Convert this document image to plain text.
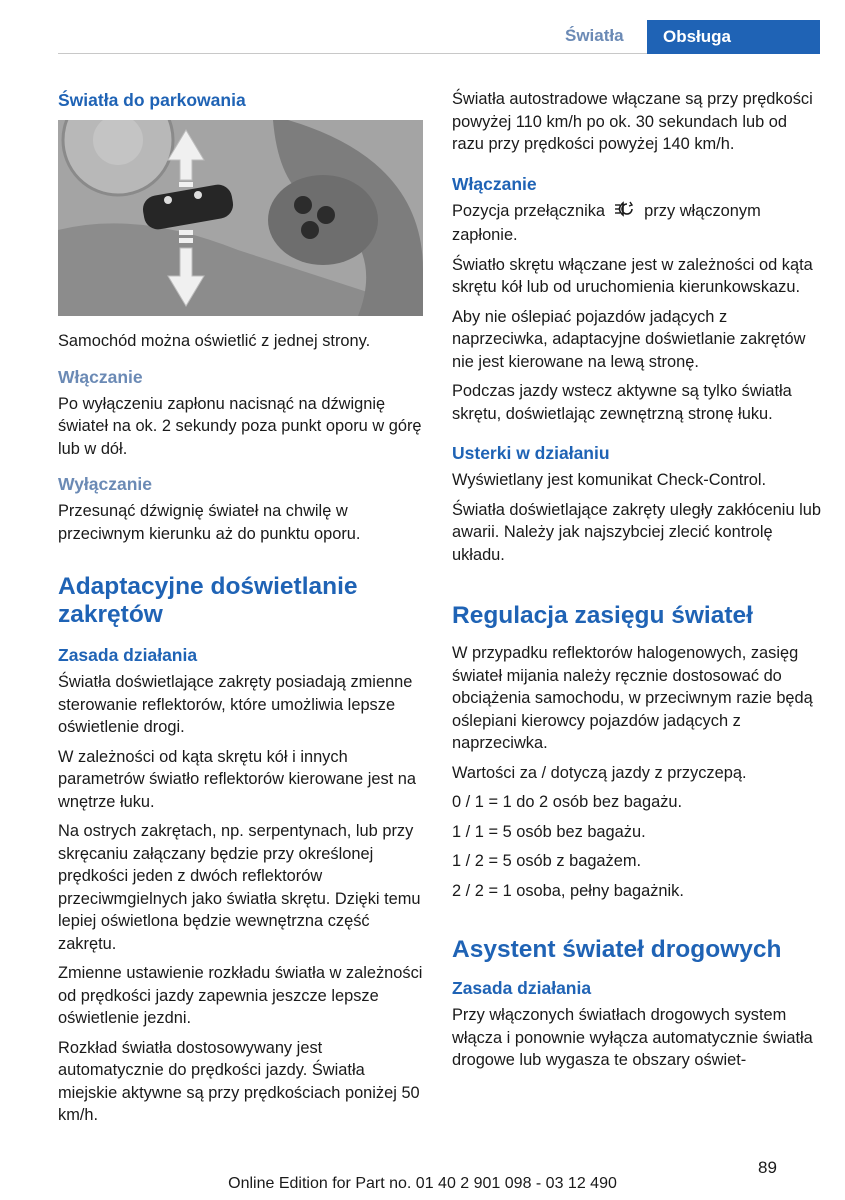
Światła	Obsługa
Światła do parkowania

Samochód można oświetlić z jednej strony.

Włączanie

Po wyłączeniu zapłonu nacisnąć na dźwignię świateł na ok. 2 sekundy poza punkt oporu w górę lub w dół.

Wyłączanie

Przesunąć dźwignię świateł na chwilę w przeciwnym kierunku aż do punktu oporu.

Adaptacyjne doświetlanie zakrętów
Zasada działania

Światła doświetlające zakręty posiadają zmienne sterowanie reflektorów, które umożliwia lepsze oświetlenie drogi.

W zależności od kąta skrętu kół i innych parametrów światło reflektorów kierowane jest na wnętrze łuku.

Na ostrych zakrętach, np. serpentynach, lub przy skręcaniu załączany będzie przy określonej prędkości jeden z dwóch reflektorów przeciwmgielnych jako światła skrętu. Dzięki temu lepiej oświetlona będzie wewnętrzna część zakrętu.

Zmienne ustawienie rozkładu światła w zależności od prędkości jazdy zapewnia jeszcze lepsze oświetlenie jezdni.

Rozkład światła dostosowywany jest automatycznie do prędkości jazdy. Światła miejskie aktywne są przy prędkościach poniżej 50 km/h.

Światła autostradowe włączane są przy prędkości powyżej 110 km/h po ok. 30 sekundach lub od razu przy prędkości powyżej 140 km/h.

Włączanie

Pozycja przełącznika przy włączonym zapłonie.

Światło skrętu włączane jest w zależności od kąta skrętu kół lub od uruchomienia kierunkowskazu.

Aby nie oślepiać pojazdów jadących z naprzeciwka, adaptacyjne doświetlanie zakrętów nie jest kierowane na lewą stronę.

Podczas jazdy wstecz aktywne są tylko światła skrętu, doświetlając zewnętrzną stronę łuku.

Usterki w działaniu

Wyświetlany jest komunikat Check-Control.

Światła doświetlające zakręty uległy zakłóceniu lub awarii. Należy jak najszybciej zlecić kontrolę układu.

Regulacja zasięgu świateł

W przypadku reflektorów halogenowych, zasięg świateł mijania należy ręcznie dostosować do obciążenia samochodu, w przeciwnym razie będą oślepiani kierowcy pojazdów jadących z naprzeciwka.

Wartości za / dotyczą jazdy z przyczepą.

0 / 1 = 1 do 2 osób bez bagażu.

1 / 1 = 5 osób bez bagażu.

1 / 2 = 5 osób z bagażem.

2 / 2 = 1 osoba, pełny bagażnik.

Asystent świateł drogowych
Zasada działania

Przy włączonych światłach drogowych system włącza i ponownie wyłącza automatycznie światła drogowe lub wygasza te obszary oświet-

89
Online Edition for Part no. 01 40 2 901 098 - 03 12 490
